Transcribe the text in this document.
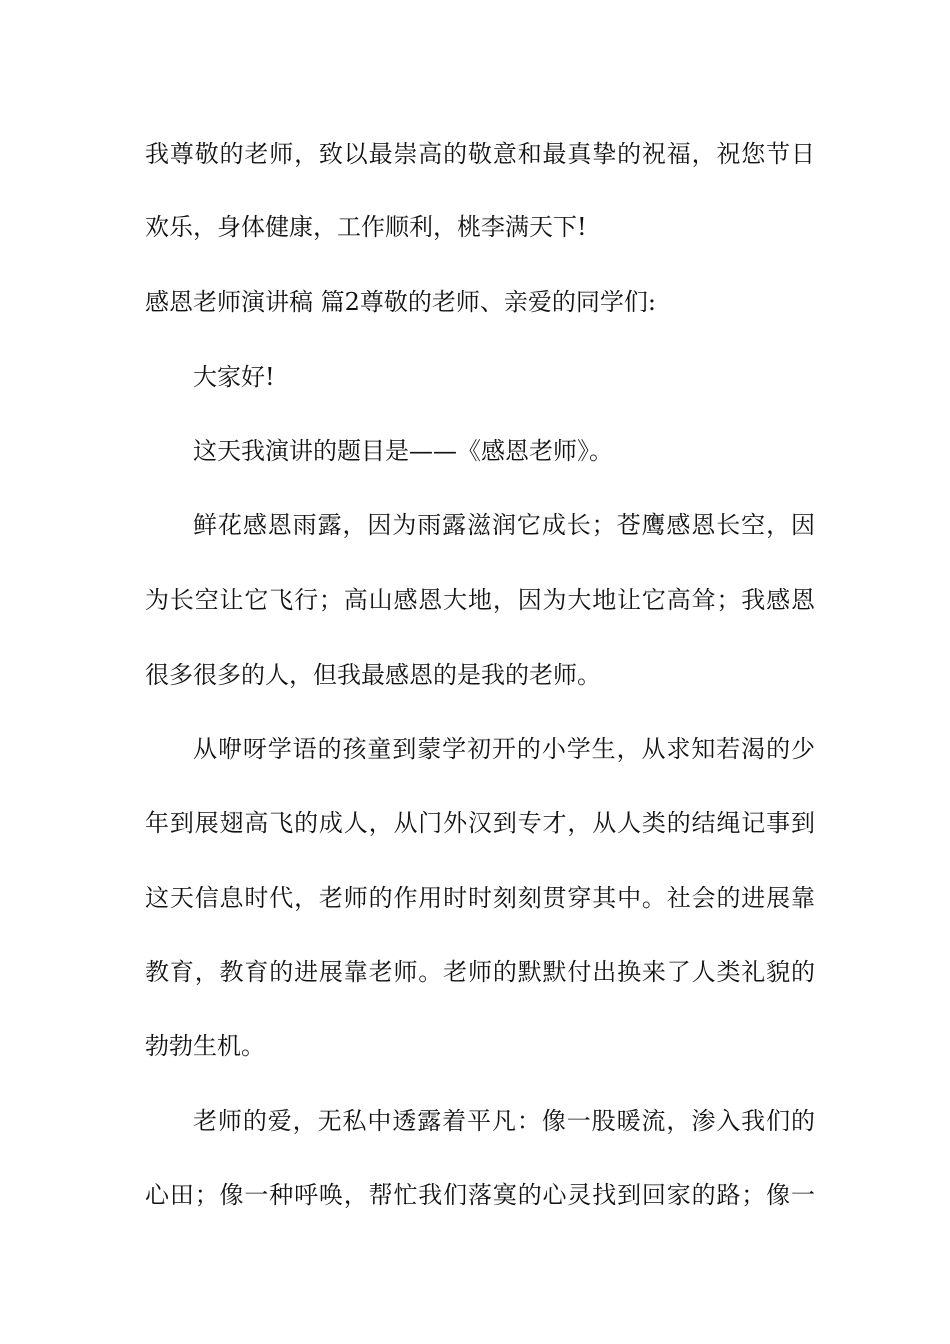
我尊敬的老师，致以最崇高的敬意和最真挚的祝福，祝您节日
欢乐，身体健康，工作顺利，桃李满天下!
感恩老师演讲稿 篇2尊敬的老师、亲爱的同学们:
大家好!
这天我演讲的题目是——《感恩老师》。
鲜花感恩雨露，因为雨露滋润它成长；苍鹰感恩长空，因
为长空让它飞行；高山感恩大地，因为大地让它高耸；我感恩
很多很多的人，但我最感恩的是我的老师。
从咿呀学语的孩童到蒙学初开的小学生，从求知若渴的少
年到展翅高飞的成人，从门外汉到专才，从人类的结绳记事到
这天信息时代，老师的作用时时刻刻贯穿其中。社会的进展靠
教育，教育的进展靠老师。老师的默默付出换来了人类礼貌的
勃勃生机。
老师的爱，无私中透露着平凡：像一股暖流，渗入我们的
心田；像一种呼唤，帮忙我们落寞的心灵找到回家的路；像一
